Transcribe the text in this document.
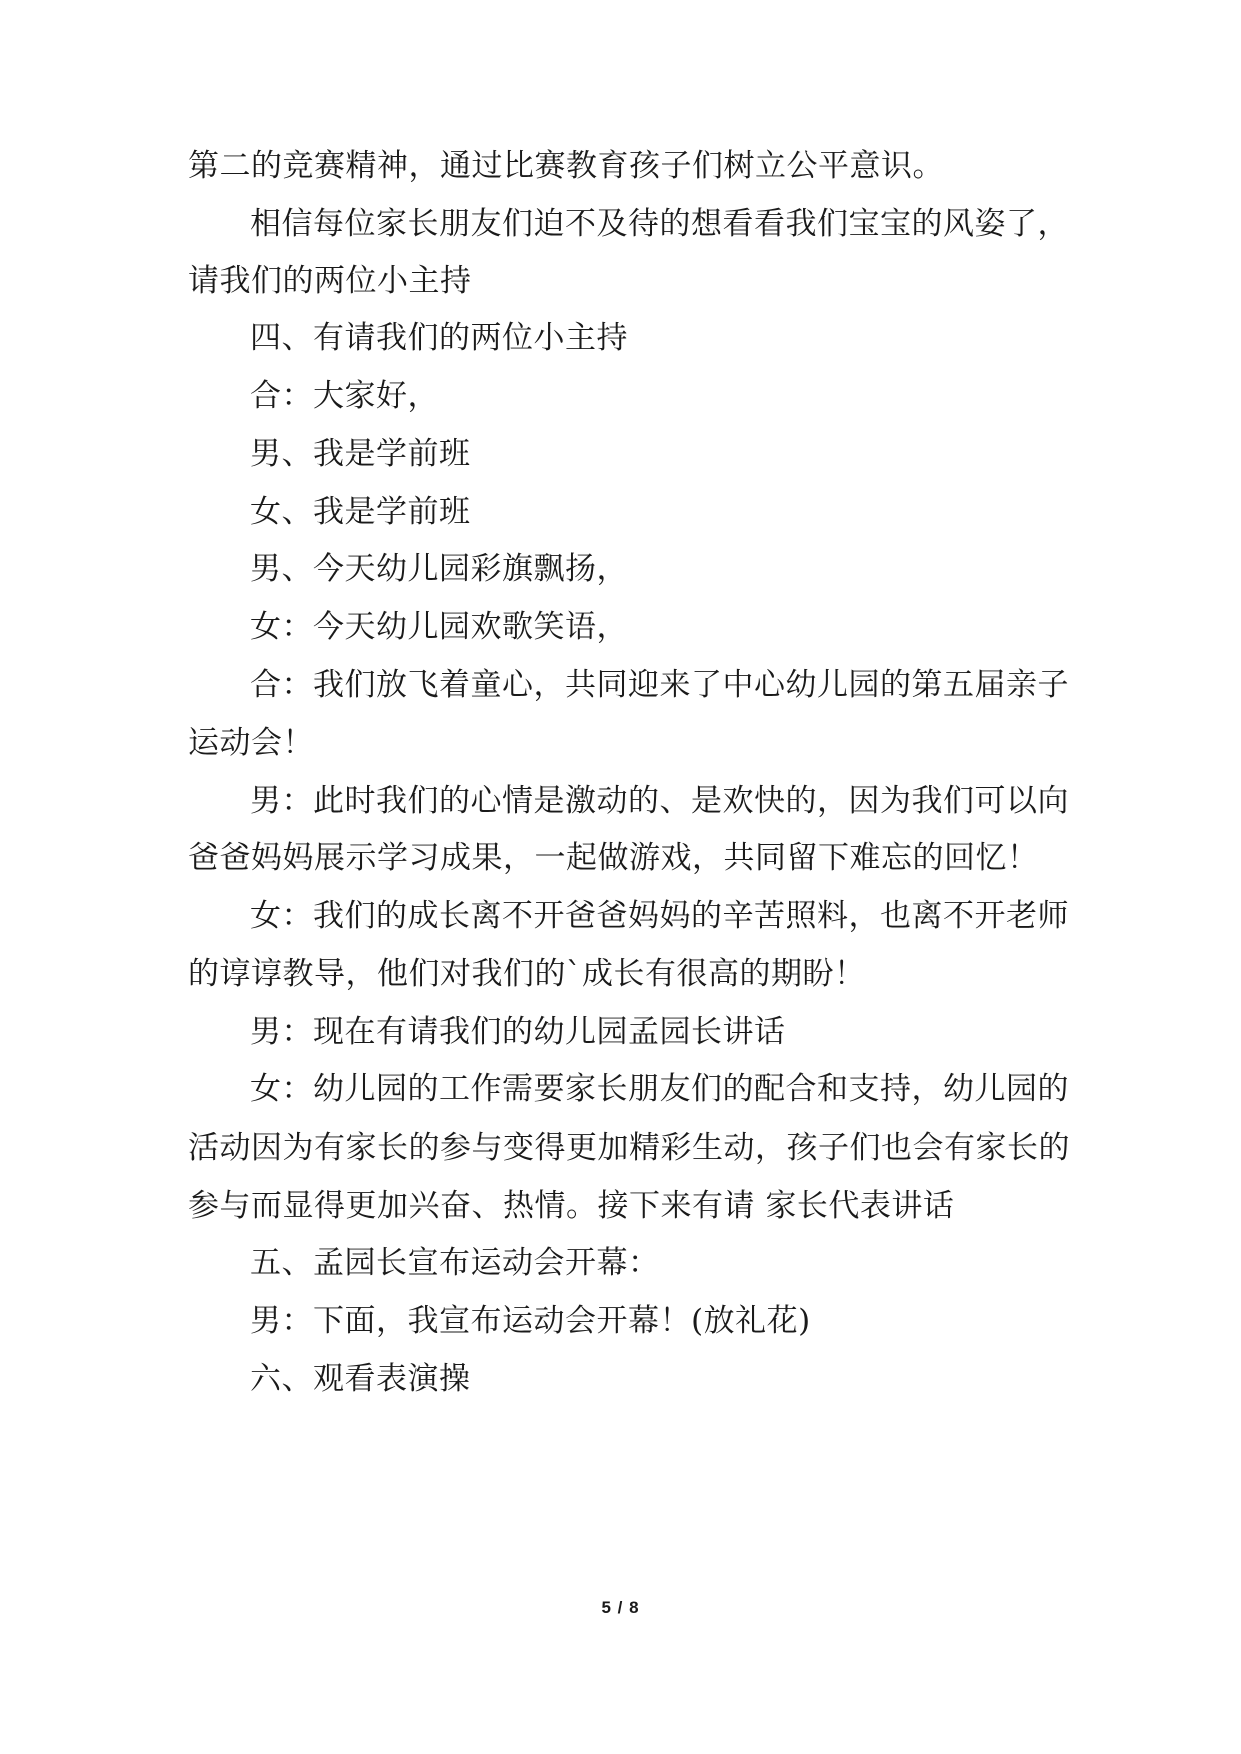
第二的竞赛精神，通过比赛教育孩子们树立公平意识。
相信每位家长朋友们迫不及待的想看看我们宝宝的风姿了，
请我们的两位小主持
四、有请我们的两位小主持
合：大家好，
男、我是学前班
女、我是学前班
男、今天幼儿园彩旗飘扬，
女：今天幼儿园欢歌笑语，
合：我们放飞着童心，共同迎来了中心幼儿园的第五届亲子
运动会！
男：此时我们的心情是激动的、是欢快的，因为我们可以向
爸爸妈妈展示学习成果，一起做游戏，共同留下难忘的回忆！
女：我们的成长离不开爸爸妈妈的辛苦照料，也离不开老师
的谆谆教导，他们对我们的`成长有很高的期盼！
男：现在有请我们的幼儿园孟园长讲话
女：幼儿园的工作需要家长朋友们的配合和支持，幼儿园的
活动因为有家长的参与变得更加精彩生动，孩子们也会有家长的
参与而显得更加兴奋、热情。接下来有请 家长代表讲话
五、孟园长宣布运动会开幕：
男：下面，我宣布运动会开幕！(放礼花)
六、观看表演操
5 / 8
